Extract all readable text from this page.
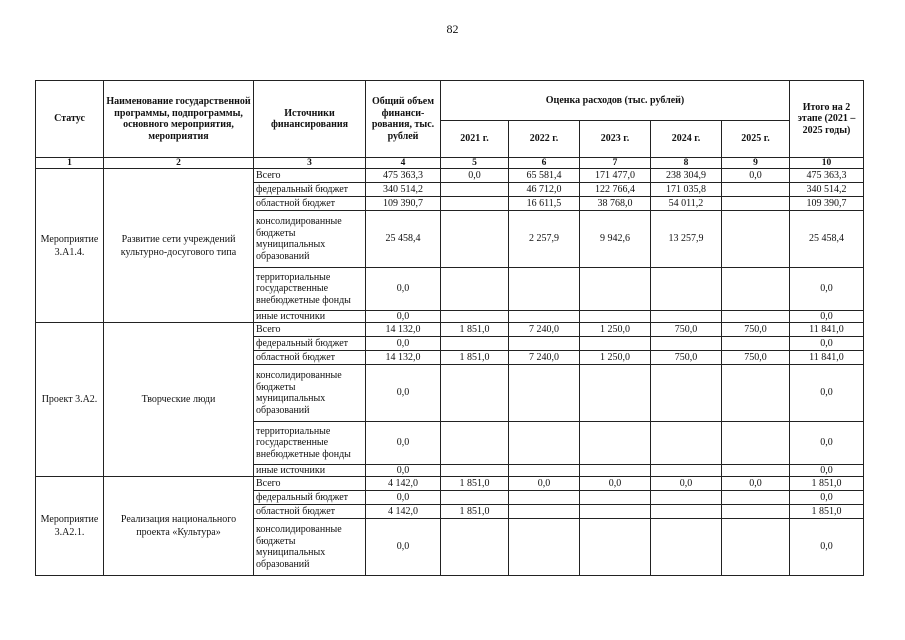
82
Статус	Наименование государственной программы, подпрограммы, основного мероприятия, мероприятия	Источники финансирования	Общий объем финанси-рования, тыс. рублей	Оценка расходов (тыс. рублей)					Итого на 2 этапе (2021 – 2025 годы)
				2021 г.	2022 г.	2023 г.	2024 г.	2025 г.	
1	2	3	4	5	6	7	8	9	10
Мероприятие 3.А1.4.	Развитие сети учреждений культурно-досугового типа	Всего	475 363,3	0,0	65 581,4	171 477,0	238 304,9	0,0	475 363,3
		федеральный бюджет	340 514,2		46 712,0	122 766,4	171 035,8		340 514,2
		областной бюджет	109 390,7		16 611,5	38 768,0	54 011,2		109 390,7
		консолидированные бюджеты муниципальных образований	25 458,4		2 257,9	9 942,6	13 257,9		25 458,4
		территориальные государственные внебюджетные фонды	0,0						0,0
		иные источники	0,0						0,0
Проект 3.А2.	Творческие люди	Всего	14 132,0	1 851,0	7 240,0	1 250,0	750,0	750,0	11 841,0
		федеральный бюджет	0,0						0,0
		областной бюджет	14 132,0	1 851,0	7 240,0	1 250,0	750,0	750,0	11 841,0
		консолидированные бюджеты муниципальных образований	0,0						0,0
		территориальные государственные внебюджетные фонды	0,0						0,0
		иные источники	0,0						0,0
Мероприятие 3.А2.1.	Реализация национального проекта «Культура»	Всего	4 142,0	1 851,0	0,0	0,0	0,0	0,0	1 851,0
		федеральный бюджет	0,0						0,0
		областной бюджет	4 142,0	1 851,0					1 851,0
		консолидированные бюджеты муниципальных образований	0,0						0,0
